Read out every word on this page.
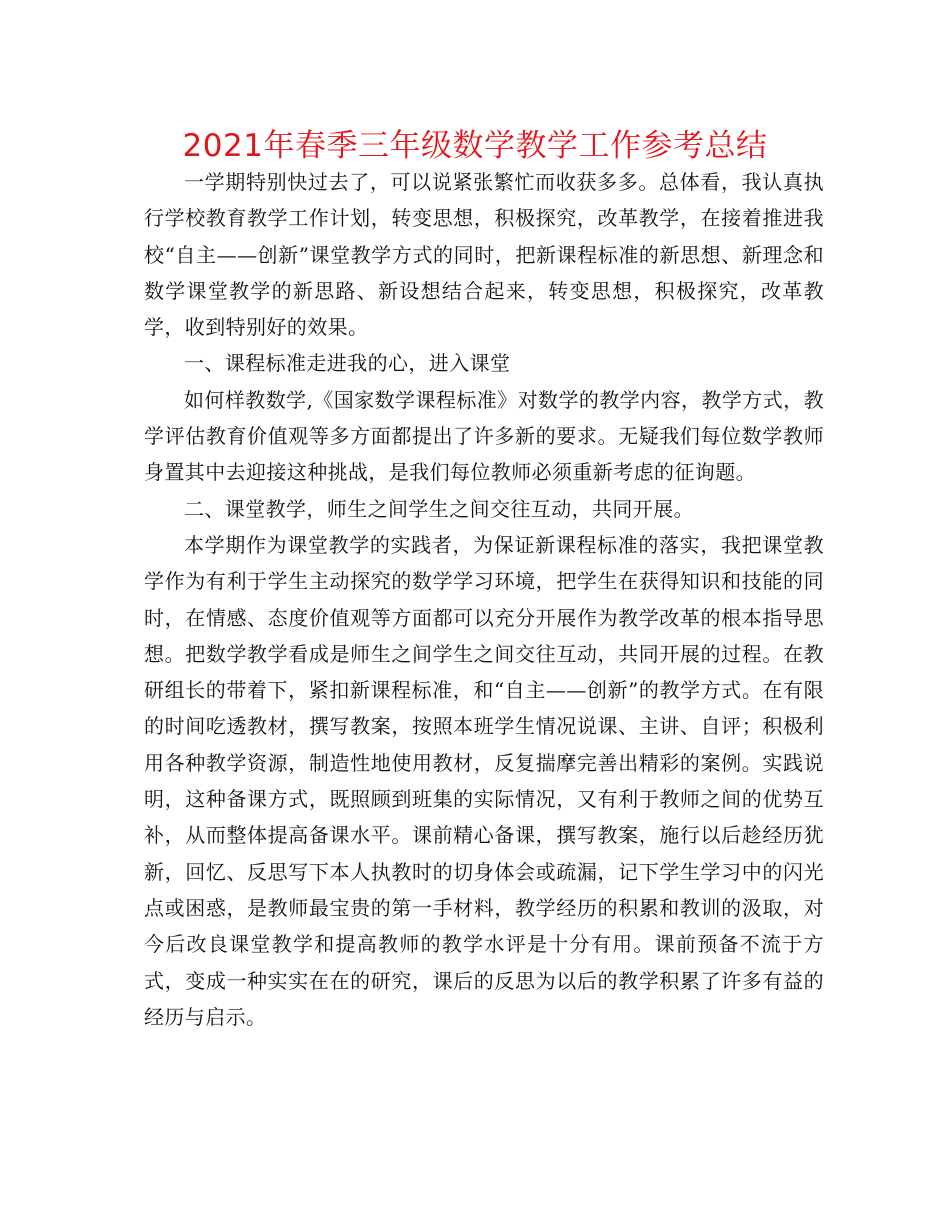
2021年春季三年级数学教学工作参考总结

一学期特别快过去了，可以说紧张繁忙而收获多多。总体看，我认真执行学校教育教学工作计划，转变思想，积极探究，改革教学，在接着推进我校“自主——创新”课堂教学方式的同时，把新课程标准的新思想、新理念和数学课堂教学的新思路、新设想结合起来，转变思想，积极探究，改革教学，收到特别好的效果。

一、课程标准走进我的心，进入课堂

如何样教数学,《国家数学课程标准》对数学的教学内容，教学方式，教学评估教育价值观等多方面都提出了许多新的要求。无疑我们每位数学教师身置其中去迎接这种挑战，是我们每位教师必须重新考虑的征询题。

二、课堂教学，师生之间学生之间交往互动，共同开展。

本学期作为课堂教学的实践者，为保证新课程标准的落实，我把课堂教学作为有利于学生主动探究的数学学习环境，把学生在获得知识和技能的同时，在情感、态度价值观等方面都可以充分开展作为教学改革的根本指导思想。把数学教学看成是师生之间学生之间交往互动，共同开展的过程。在教研组长的带着下，紧扣新课程标准，和“自主——创新”的教学方式。在有限的时间吃透教材，撰写教案，按照本班学生情况说课、主讲、自评；积极利用各种教学资源，制造性地使用教材，反复揣摩完善出精彩的案例。实践说明，这种备课方式，既照顾到班集的实际情况，又有利于教师之间的优势互补，从而整体提高备课水平。课前精心备课，撰写教案，施行以后趁经历犹新，回忆、反思写下本人执教时的切身体会或疏漏，记下学生学习中的闪光点或困惑，是教师最宝贵的第一手材料，教学经历的积累和教训的汲取，对今后改良课堂教学和提高教师的教学水评是十分有用。课前预备不流于方式，变成一种实实在在的研究，课后的反思为以后的教学积累了许多有益的经历与启示。
